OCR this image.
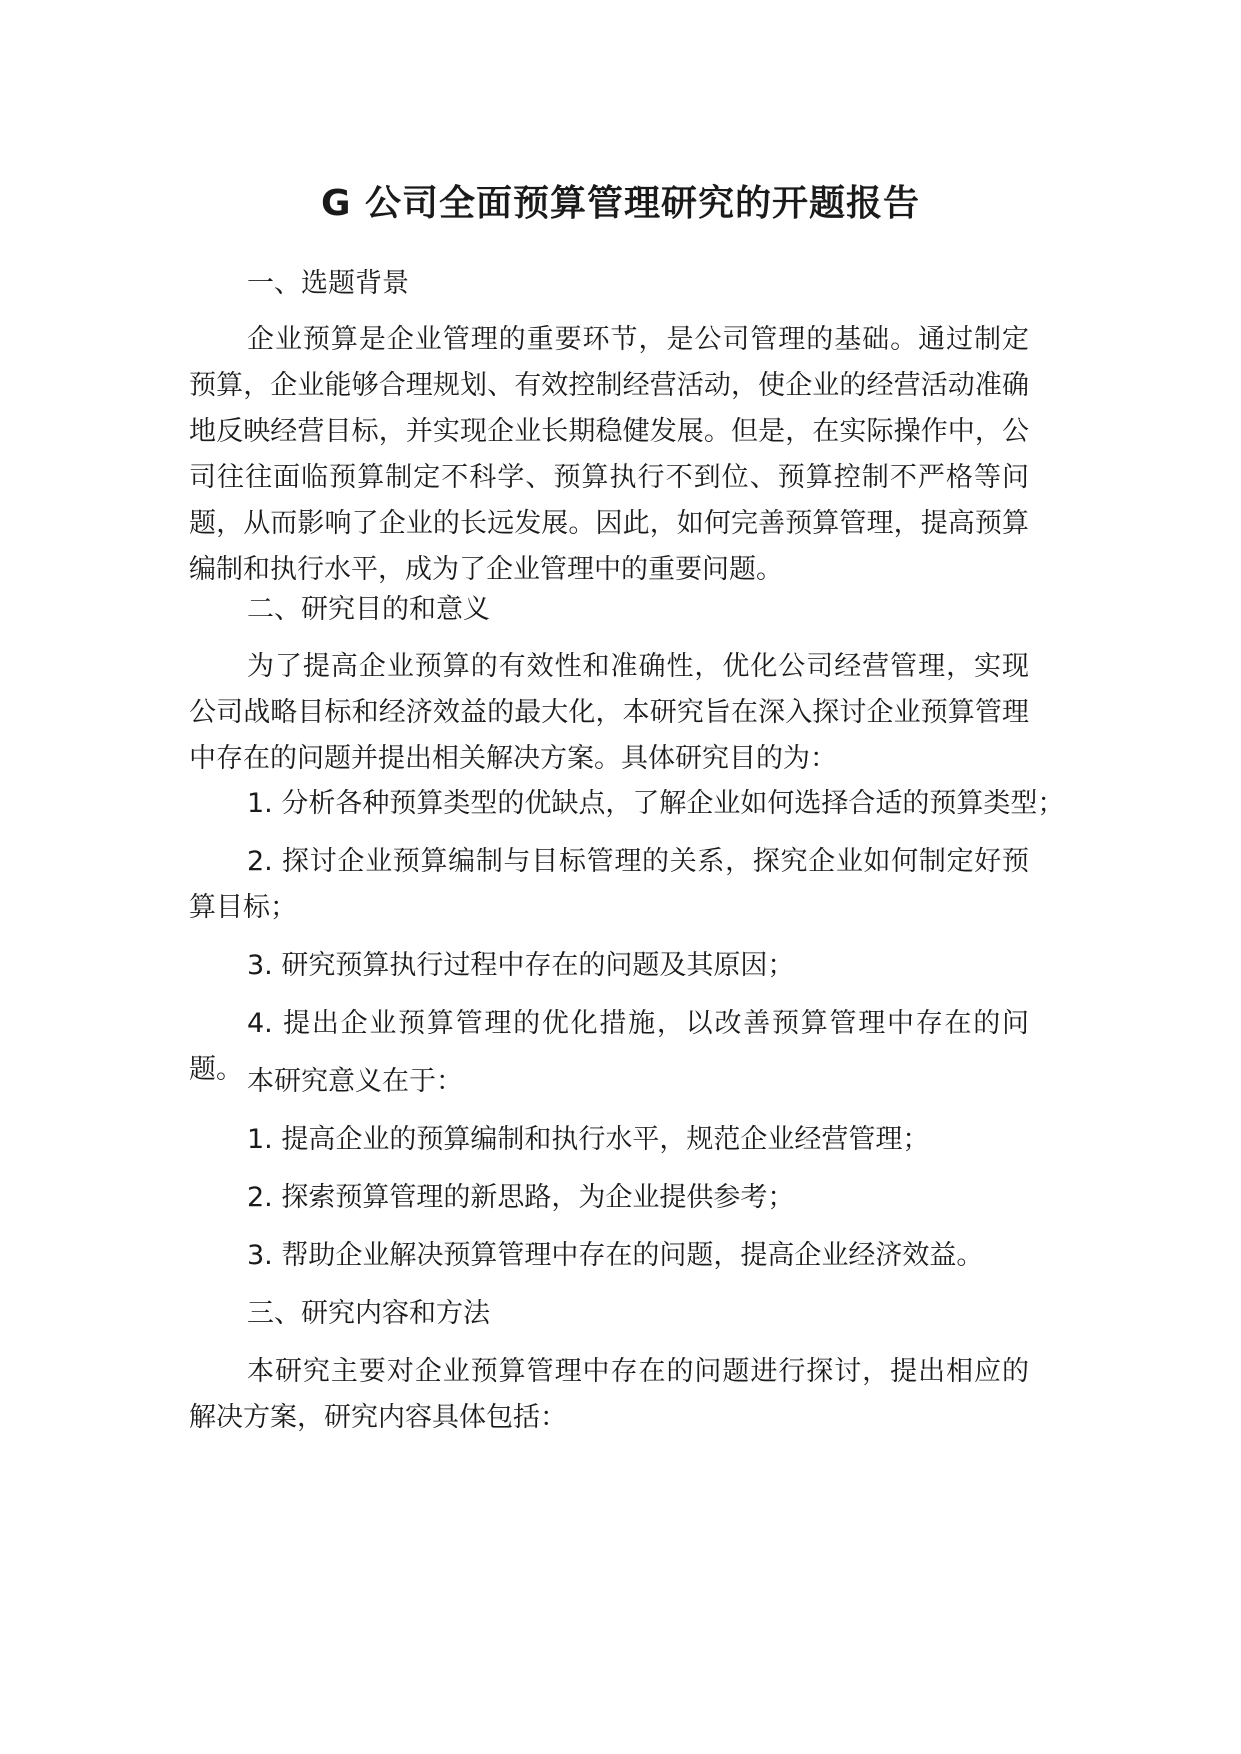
G 公司全面预算管理研究的开题报告

一、选题背景

企业预算是企业管理的重要环节，是公司管理的基础。通过制定预算，企业能够合理规划、有效控制经营活动，使企业的经营活动准确地反映经营目标，并实现企业长期稳健发展。但是，在实际操作中，公司往往面临预算制定不科学、预算执行不到位、预算控制不严格等问题，从而影响了企业的长远发展。因此，如何完善预算管理，提高预算编制和执行水平，成为了企业管理中的重要问题。

二、研究目的和意义

为了提高企业预算的有效性和准确性，优化公司经营管理，实现公司战略目标和经济效益的最大化，本研究旨在深入探讨企业预算管理中存在的问题并提出相关解决方案。具体研究目的为：

1. 分析各种预算类型的优缺点，了解企业如何选择合适的预算类型；

2. 探讨企业预算编制与目标管理的关系，探究企业如何制定好预算目标；

3. 研究预算执行过程中存在的问题及其原因；

4. 提出企业预算管理的优化措施，以改善预算管理中存在的问题。 本研究意义在于：

1. 提高企业的预算编制和执行水平，规范企业经营管理；

2. 探索预算管理的新思路，为企业提供参考；

3. 帮助企业解决预算管理中存在的问题，提高企业经济效益。

三、研究内容和方法

本研究主要对企业预算管理中存在的问题进行探讨，提出相应的解决方案，研究内容具体包括：
